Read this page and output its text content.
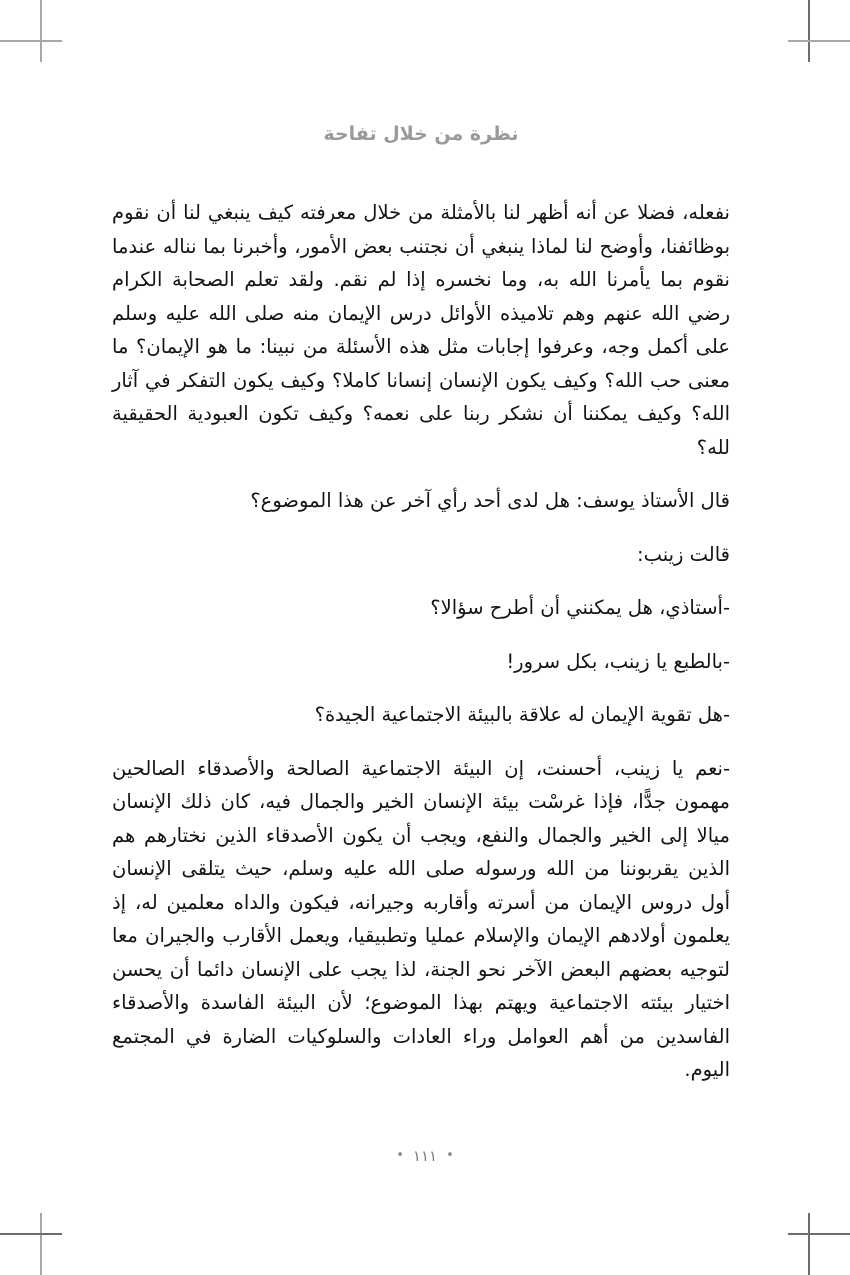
نظرة من خلال تفاحة

نفعله، فضلا عن أنه أظهر لنا بالأمثلة من خلال معرفته كيف ينبغي لنا أن نقوم بوظائفنا، وأوضح لنا لماذا ينبغي أن نجتنب بعض الأمور، وأخبرنا بما نناله عندما نقوم بما يأمرنا الله به، وما نخسره إذا لم نقم. ولقد تعلم الصحابة الكرام رضي الله عنهم وهم تلاميذه الأوائل درس الإيمان منه صلى الله عليه وسلم على أكمل وجه، وعرفوا إجابات مثل هذه الأسئلة من نبينا: ما هو الإيمان؟ ما معنى حب الله؟ وكيف يكون الإنسان إنسانا كاملا؟ وكيف يكون التفكر في آثار الله؟ وكيف يمكننا أن نشكر ربنا على نعمه؟ وكيف تكون العبودية الحقيقية لله؟

قال الأستاذ يوسف: هل لدى أحد رأي آخر عن هذا الموضوع؟

قالت زينب:

-أستاذي، هل يمكنني أن أطرح سؤالا؟

-بالطبع يا زينب، بكل سرور!

-هل تقوية الإيمان له علاقة بالبيئة الاجتماعية الجيدة؟

-نعم يا زينب، أحسنت، إن البيئة الاجتماعية الصالحة والأصدقاء الصالحين مهمون جدًّا، فإذا غرسْت بيئة الإنسان الخير والجمال فيه، كان ذلك الإنسان ميالا إلى الخير والجمال والنفع، ويجب أن يكون الأصدقاء الذين نختارهم هم الذين يقربوننا من الله ورسوله صلى الله عليه وسلم، حيث يتلقى الإنسان أول دروس الإيمان من أسرته وأقاربه وجيرانه، فيكون والداه معلمين له، إذ يعلمون أولادهم الإيمان والإسلام عمليا وتطبيقيا، ويعمل الأقارب والجيران معا لتوجيه بعضهم البعض الآخر نحو الجنة، لذا يجب على الإنسان دائما أن يحسن اختيار بيئته الاجتماعية ويهتم بهذا الموضوع؛ لأن البيئة الفاسدة والأصدقاء الفاسدين من أهم العوامل وراء العادات والسلوكيات الضارة في المجتمع اليوم.

• ١١١ •
